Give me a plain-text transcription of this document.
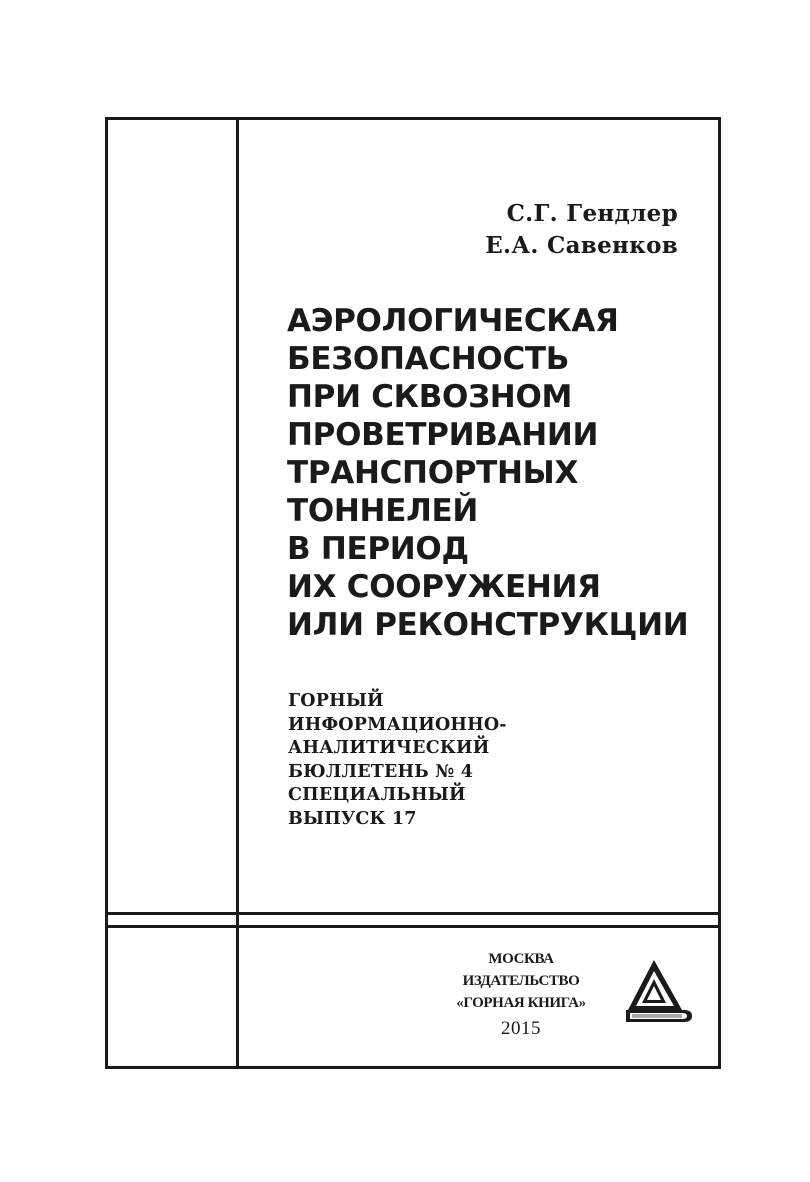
С.Г. Гендлер
Е.А. Савенков
АЭРОЛОГИЧЕСКАЯ
БЕЗОПАСНОСТЬ
ПРИ СКВОЗНОМ
ПРОВЕТРИВАНИИ
ТРАНСПОРТНЫХ
ТОННЕЛЕЙ
В ПЕРИОД
ИХ СООРУЖЕНИЯ
ИЛИ РЕКОНСТРУКЦИИ
ГОРНЫЙ
ИНФОРМАЦИОННО-
АНАЛИТИЧЕСКИЙ
БЮЛЛЕТЕНЬ № 4
СПЕЦИАЛЬНЫЙ
ВЫПУСК 17
МОСКВА
ИЗДАТЕЛЬСТВО
«ГОРНАЯ КНИГА»
2015
